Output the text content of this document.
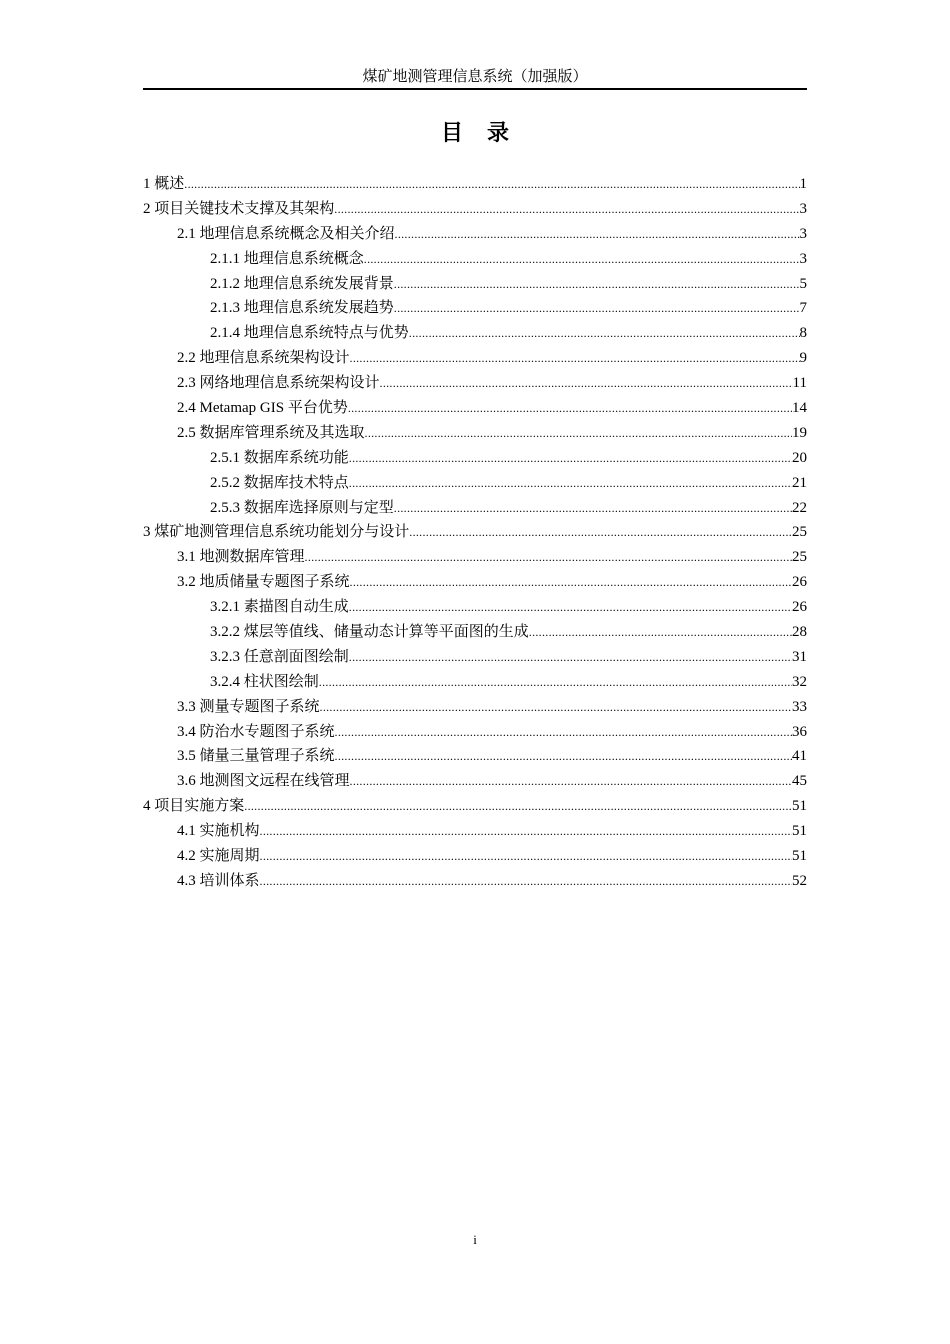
煤矿地测管理信息系统（加强版）
目录
1 概述 .....	1
2 项目关键技术支撑及其架构 .....	3
2.1 地理信息系统概念及相关介绍 .....	3
2.1.1 地理信息系统概念 .....	3
2.1.2 地理信息系统发展背景 .....	5
2.1.3 地理信息系统发展趋势 .....	7
2.1.4 地理信息系统特点与优势 .....	8
2.2 地理信息系统架构设计 .....	9
2.3 网络地理信息系统架构设计 .....	11
2.4 Metamap GIS 平台优势 .....	14
2.5 数据库管理系统及其选取 .....	19
2.5.1 数据库系统功能 .....	20
2.5.2 数据库技术特点 .....	21
2.5.3 数据库选择原则与定型 .....	22
3 煤矿地测管理信息系统功能划分与设计 .....	25
3.1 地测数据库管理 .....	25
3.2 地质储量专题图子系统 .....	26
3.2.1 素描图自动生成 .....	26
3.2.2 煤层等值线、储量动态计算等平面图的生成 .....	28
3.2.3 任意剖面图绘制 .....	31
3.2.4 柱状图绘制 .....	32
3.3 测量专题图子系统 .....	33
3.4 防治水专题图子系统 .....	36
3.5 储量三量管理子系统 .....	41
3.6 地测图文远程在线管理 .....	45
4 项目实施方案 .....	51
4.1 实施机构 .....	51
4.2 实施周期 .....	51
4.3 培训体系 .....	52
i
